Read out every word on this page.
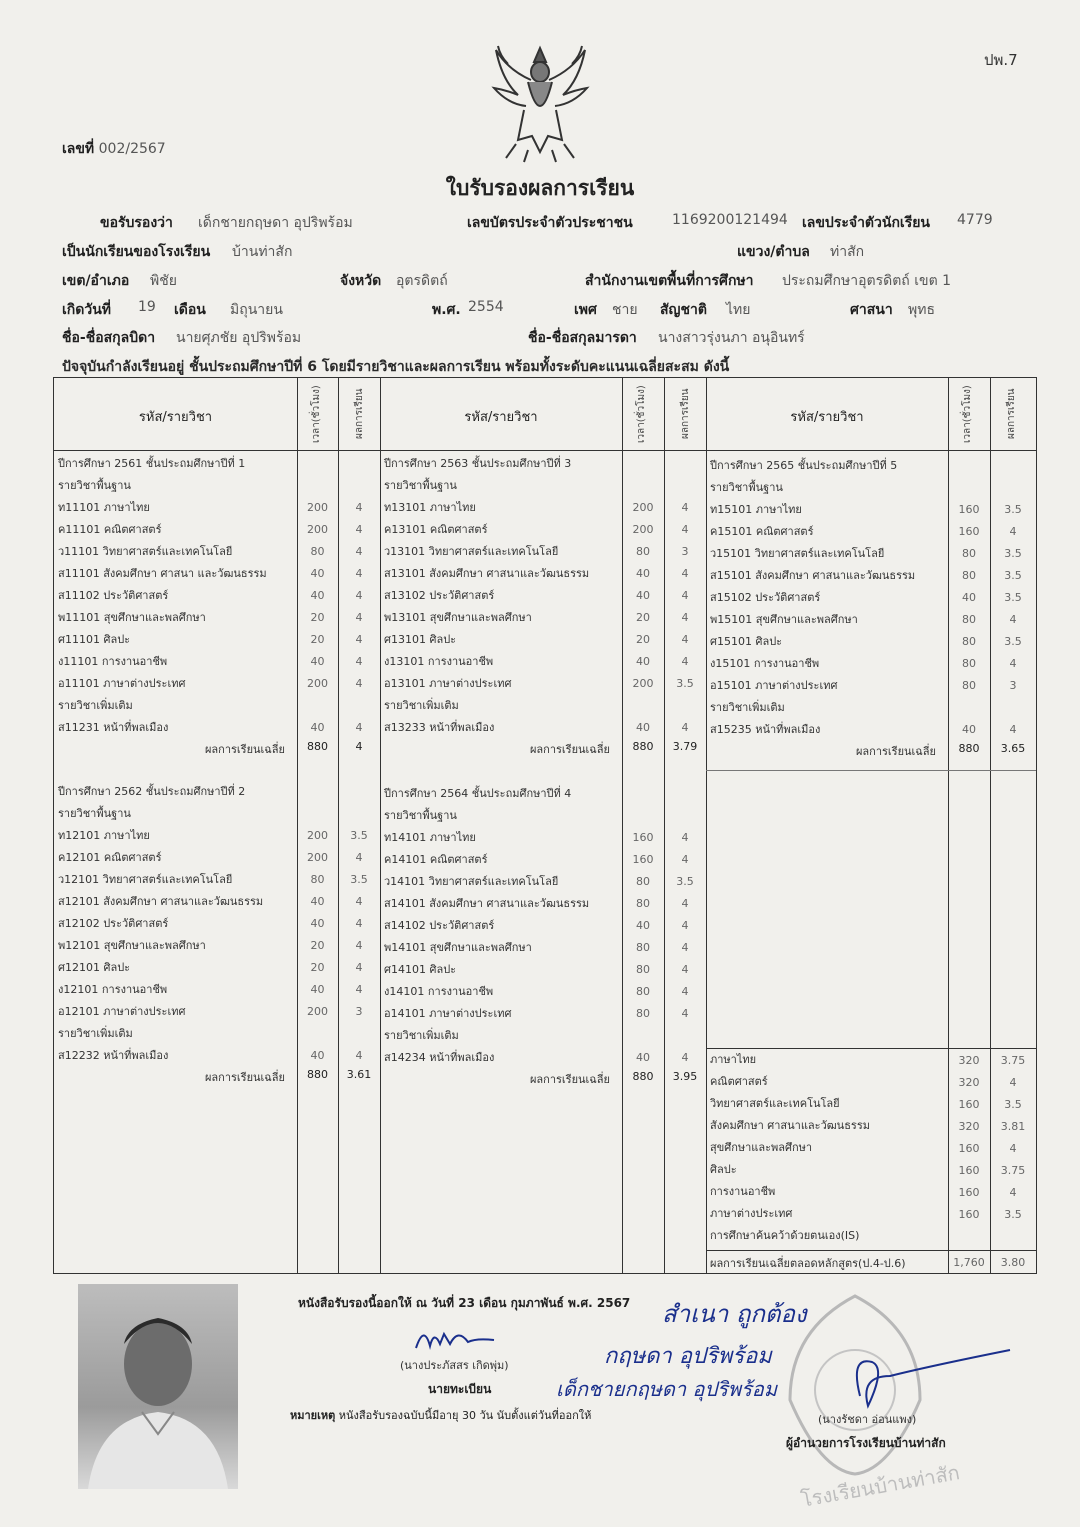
ปพ.7
เลขที่ 002/2567
ใบรับรองผลการเรียน
ขอรับรองว่า เด็กชายกฤษดา อุปริพร้อม	เลขบัตรประจำตัวประชาชน	1169200121494 เลขประจำตัวนักเรียน 4779
เป็นนักเรียนของโรงเรียน บ้านท่าสัก	แขวง/ตำบล ท่าสัก
เขต/อำเภอ พิชัย	จังหวัด อุตรดิตถ์	สำนักงานเขตพื้นที่การศึกษา ประถมศึกษาอุตรดิตถ์ เขต 1
เกิดวันที่ 19 เดือน มิถุนายน	พ.ศ. 2554	เพศ ชาย สัญชาติ ไทย	ศาสนา พุทธ
ชื่อ-ชื่อสกุลบิดา นายศุภชัย อุปริพร้อม	ชื่อ-ชื่อสกุลมารดา นางสาวรุ่งนภา อนุอินทร์
ปัจจุบันกำลังเรียนอยู่ ชั้นประถมศึกษาปีที่ 6 โดยมีรายวิชาและผลการเรียน พร้อมทั้งระดับคะแนนเฉลี่ยสะสม ดังนี้
รหัส/รายวิชา	เวลา(ชั่วโมง)	ผลการเรียน	รหัส/รายวิชา	เวลา(ชั่วโมง)	ผลการเรียน	รหัส/รายวิชา	เวลา(ชั่วโมง)	ผลการเรียน
ปีการศึกษา 2561 ชั้นประถมศึกษาปีที่ 1
รายวิชาพื้นฐาน
ท11101 ภาษาไทย	200	4
ค11101 คณิตศาสตร์	200	4
ว11101 วิทยาศาสตร์และเทคโนโลยี	80	4
ส11101 สังคมศึกษา ศาสนา และวัฒนธรรม	40	4
ส11102 ประวัติศาสตร์	40	4
พ11101 สุขศึกษาและพลศึกษา	20	4
ศ11101 ศิลปะ	20	4
ง11101 การงานอาชีพ	40	4
อ11101 ภาษาต่างประเทศ	200	4
รายวิชาเพิ่มเติม
ส11231 หน้าที่พลเมือง	40	4
ผลการเรียนเฉลี่ย	880	4
ปีการศึกษา 2563 ชั้นประถมศึกษาปีที่ 3
รายวิชาพื้นฐาน
ท13101 ภาษาไทย	200	4
ค13101 คณิตศาสตร์	200	4
ว13101 วิทยาศาสตร์และเทคโนโลยี	80	3
ส13101 สังคมศึกษา ศาสนาและวัฒนธรรม	40	4
ส13102 ประวัติศาสตร์	40	4
พ13101 สุขศึกษาและพลศึกษา	20	4
ศ13101 ศิลปะ	20	4
ง13101 การงานอาชีพ	40	4
อ13101 ภาษาต่างประเทศ	200	3.5
รายวิชาเพิ่มเติม
ส13233 หน้าที่พลเมือง	40	4
ผลการเรียนเฉลี่ย	880	3.79
ปีการศึกษา 2565 ชั้นประถมศึกษาปีที่ 5
รายวิชาพื้นฐาน
ท15101 ภาษาไทย	160	3.5
ค15101 คณิตศาสตร์	160	4
ว15101 วิทยาศาสตร์และเทคโนโลยี	80	3.5
ส15101 สังคมศึกษา ศาสนาและวัฒนธรรม	80	3.5
ส15102 ประวัติศาสตร์	40	3.5
พ15101 สุขศึกษาและพลศึกษา	80	4
ศ15101 ศิลปะ	80	3.5
ง15101 การงานอาชีพ	80	4
อ15101 ภาษาต่างประเทศ	80	3
รายวิชาเพิ่มเติม
ส15235 หน้าที่พลเมือง	40	4
ผลการเรียนเฉลี่ย	880	3.65
ปีการศึกษา 2562 ชั้นประถมศึกษาปีที่ 2
รายวิชาพื้นฐาน
ท12101 ภาษาไทย	200	3.5
ค12101 คณิตศาสตร์	200	4
ว12101 วิทยาศาสตร์และเทคโนโลยี	80	3.5
ส12101 สังคมศึกษา ศาสนาและวัฒนธรรม	40	4
ส12102 ประวัติศาสตร์	40	4
พ12101 สุขศึกษาและพลศึกษา	20	4
ศ12101 ศิลปะ	20	4
ง12101 การงานอาชีพ	40	4
อ12101 ภาษาต่างประเทศ	200	3
รายวิชาเพิ่มเติม
ส12232 หน้าที่พลเมือง	40	4
ผลการเรียนเฉลี่ย	880	3.61
ปีการศึกษา 2564 ชั้นประถมศึกษาปีที่ 4
รายวิชาพื้นฐาน
ท14101 ภาษาไทย	160	4
ค14101 คณิตศาสตร์	160	4
ว14101 วิทยาศาสตร์และเทคโนโลยี	80	3.5
ส14101 สังคมศึกษา ศาสนาและวัฒนธรรม	80	4
ส14102 ประวัติศาสตร์	40	4
พ14101 สุขศึกษาและพลศึกษา	80	4
ศ14101 ศิลปะ	80	4
ง14101 การงานอาชีพ	80	4
อ14101 ภาษาต่างประเทศ	80	4
รายวิชาเพิ่มเติม
ส14234 หน้าที่พลเมือง	40	4
ผลการเรียนเฉลี่ย	880	3.95
ภาษาไทย	320	3.75
คณิตศาสตร์	320	4
วิทยาศาสตร์และเทคโนโลยี	160	3.5
สังคมศึกษา ศาสนาและวัฒนธรรม	320	3.81
สุขศึกษาและพลศึกษา	160	4
ศิลปะ	160	3.75
การงานอาชีพ	160	4
ภาษาต่างประเทศ	160	3.5
การศึกษาค้นคว้าด้วยตนเอง(IS)
ผลการเรียนเฉลี่ยตลอดหลักสูตร(ป.4-ป.6)	1,760	3.80
โรงเรียนบ้านท่าสัก
หนังสือรับรองนี้ออกให้ ณ วันที่ 23 เดือน กุมภาพันธ์ พ.ศ. 2567
(นางประภัสสร เกิดพุ่ม)
นายทะเบียน
หมายเหตุ หนังสือรับรองฉบับนี้มีอายุ 30 วัน นับตั้งแต่วันที่ออกให้
สำเนา ถูกต้อง
กฤษดา อุปริพร้อม
เด็กชายกฤษดา อุปริพร้อม
(นางรัชดา อ่อนแพง)
ผู้อำนวยการโรงเรียนบ้านท่าสัก
